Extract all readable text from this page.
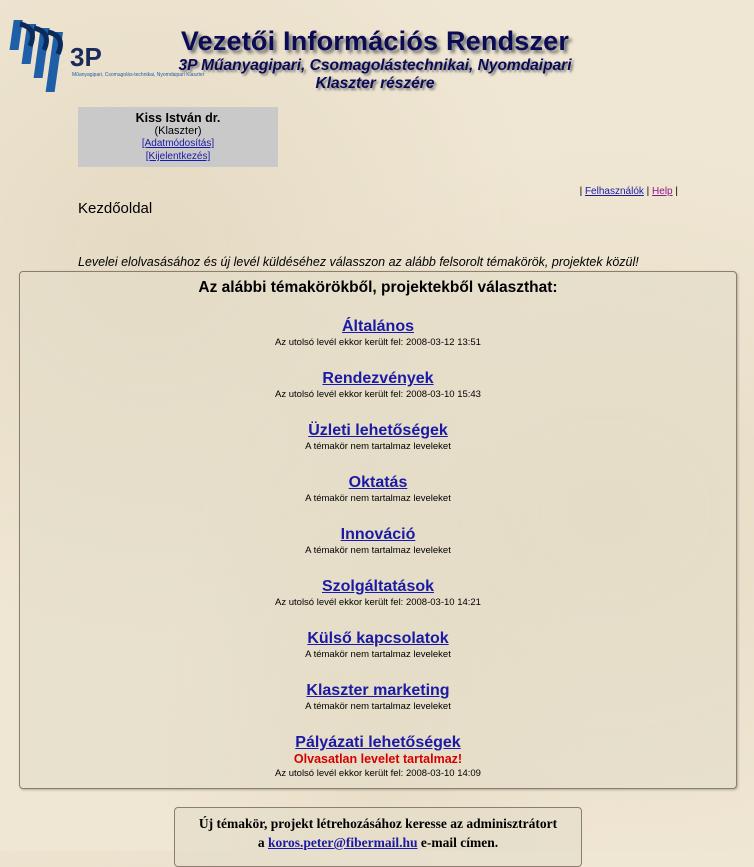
3P
Műanyagipari, Csomagolás-technikai, Nyomdaipari Klaszter
Vezetői Információs Rendszer
3P Műanyagipari, Csomagolástechnikai, Nyomdaipari
Klaszter részére
Kiss István dr.
(Klaszter)
[Adatmódosítás]
[Kijelentkezés]
| Felhasználók | Help |
Kezdőoldal
Levelei elolvasásához és új levél küldéséhez válasszon az alább felsorolt témakörök, projektek közül!
Az alábbi témakörökből, projektekből választhat:
Általános
Az utolsó levél ekkor került fel: 2008-03-12 13:51
Rendezvények
Az utolsó levél ekkor került fel: 2008-03-10 15:43
Üzleti lehetőségek
A témakör nem tartalmaz leveleket
Oktatás
A témakör nem tartalmaz leveleket
Innováció
A témakör nem tartalmaz leveleket
Szolgáltatások
Az utolsó levél ekkor került fel: 2008-03-10 14:21
Külső kapcsolatok
A témakör nem tartalmaz leveleket
Klaszter marketing
A témakör nem tartalmaz leveleket
Pályázati lehetőségek
Olvasatlan levelet tartalmaz!
Az utolsó levél ekkor került fel: 2008-03-10 14:09
Új témakör, projekt létrehozásához keresse az adminisztrátort
a koros.peter@fibermail.hu e-mail címen.
